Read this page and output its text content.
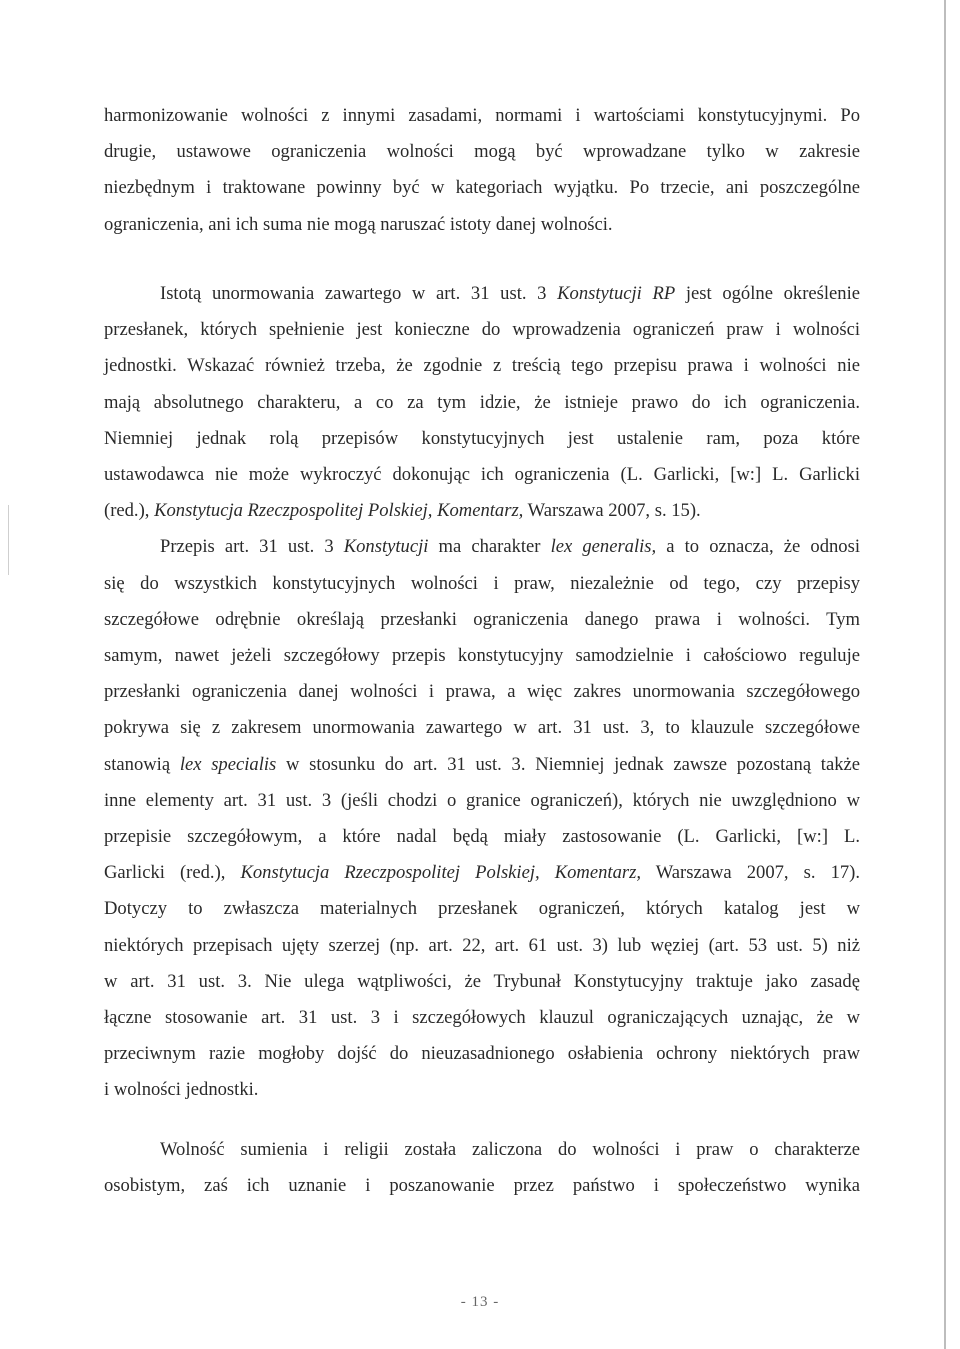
harmonizowanie wolności z innymi zasadami, normami i wartościami konstytucyjnymi. Po
drugie, ustawowe ograniczenia wolności mogą być wprowadzane tylko w zakresie
niezbędnym i traktowane powinny być w kategoriach wyjątku. Po trzecie, ani poszczególne
ograniczenia, ani ich suma nie mogą naruszać istoty danej wolności.
Istotą unormowania zawartego w art. 31 ust. 3 Konstytucji RP jest ogólne określenie
przesłanek, których spełnienie jest konieczne do wprowadzenia ograniczeń praw i wolności
jednostki. Wskazać również trzeba, że zgodnie z treścią tego przepisu prawa i wolności nie
mają absolutnego charakteru, a co za tym idzie, że istnieje prawo do ich ograniczenia.
Niemniej jednak rolą przepisów konstytucyjnych jest ustalenie ram, poza które
ustawodawca nie może wykroczyć dokonując ich ograniczenia (L. Garlicki, [w:] L. Garlicki
(red.), Konstytucja Rzeczpospolitej Polskiej, Komentarz, Warszawa 2007, s. 15).
Przepis art. 31 ust. 3 Konstytucji ma charakter lex generalis, a to oznacza, że odnosi
się do wszystkich konstytucyjnych wolności i praw, niezależnie od tego, czy przepisy
szczegółowe odrębnie określają przesłanki ograniczenia danego prawa i wolności. Tym
samym, nawet jeżeli szczegółowy przepis konstytucyjny samodzielnie i całościowo reguluje
przesłanki ograniczenia danej wolności i prawa, a więc zakres unormowania szczegółowego
pokrywa się z zakresem unormowania zawartego w art. 31 ust. 3, to klauzule szczegółowe
stanowią lex specialis w stosunku do art. 31 ust. 3. Niemniej jednak zawsze pozostaną także
inne elementy art. 31 ust. 3 (jeśli chodzi o granice ograniczeń), których nie uwzględniono w
przepisie szczegółowym, a które nadal będą miały zastosowanie (L. Garlicki, [w:] L.
Garlicki (red.), Konstytucja Rzeczpospolitej Polskiej, Komentarz, Warszawa 2007, s. 17).
Dotyczy to zwłaszcza materialnych przesłanek ograniczeń, których katalog jest w
niektórych przepisach ujęty szerzej (np. art. 22, art. 61 ust. 3) lub węziej (art. 53 ust. 5) niż
w art. 31 ust. 3. Nie ulega wątpliwości, że Trybunał Konstytucyjny traktuje jako zasadę
łączne stosowanie art. 31 ust. 3 i szczegółowych klauzul ograniczających uznając, że w
przeciwnym razie mogłoby dojść do nieuzasadnionego osłabienia ochrony niektórych praw
i wolności jednostki.
Wolność sumienia i religii została zaliczona do wolności i praw o charakterze
osobistym, zaś ich uznanie i poszanowanie przez państwo i społeczeństwo wynika
- 13 -
